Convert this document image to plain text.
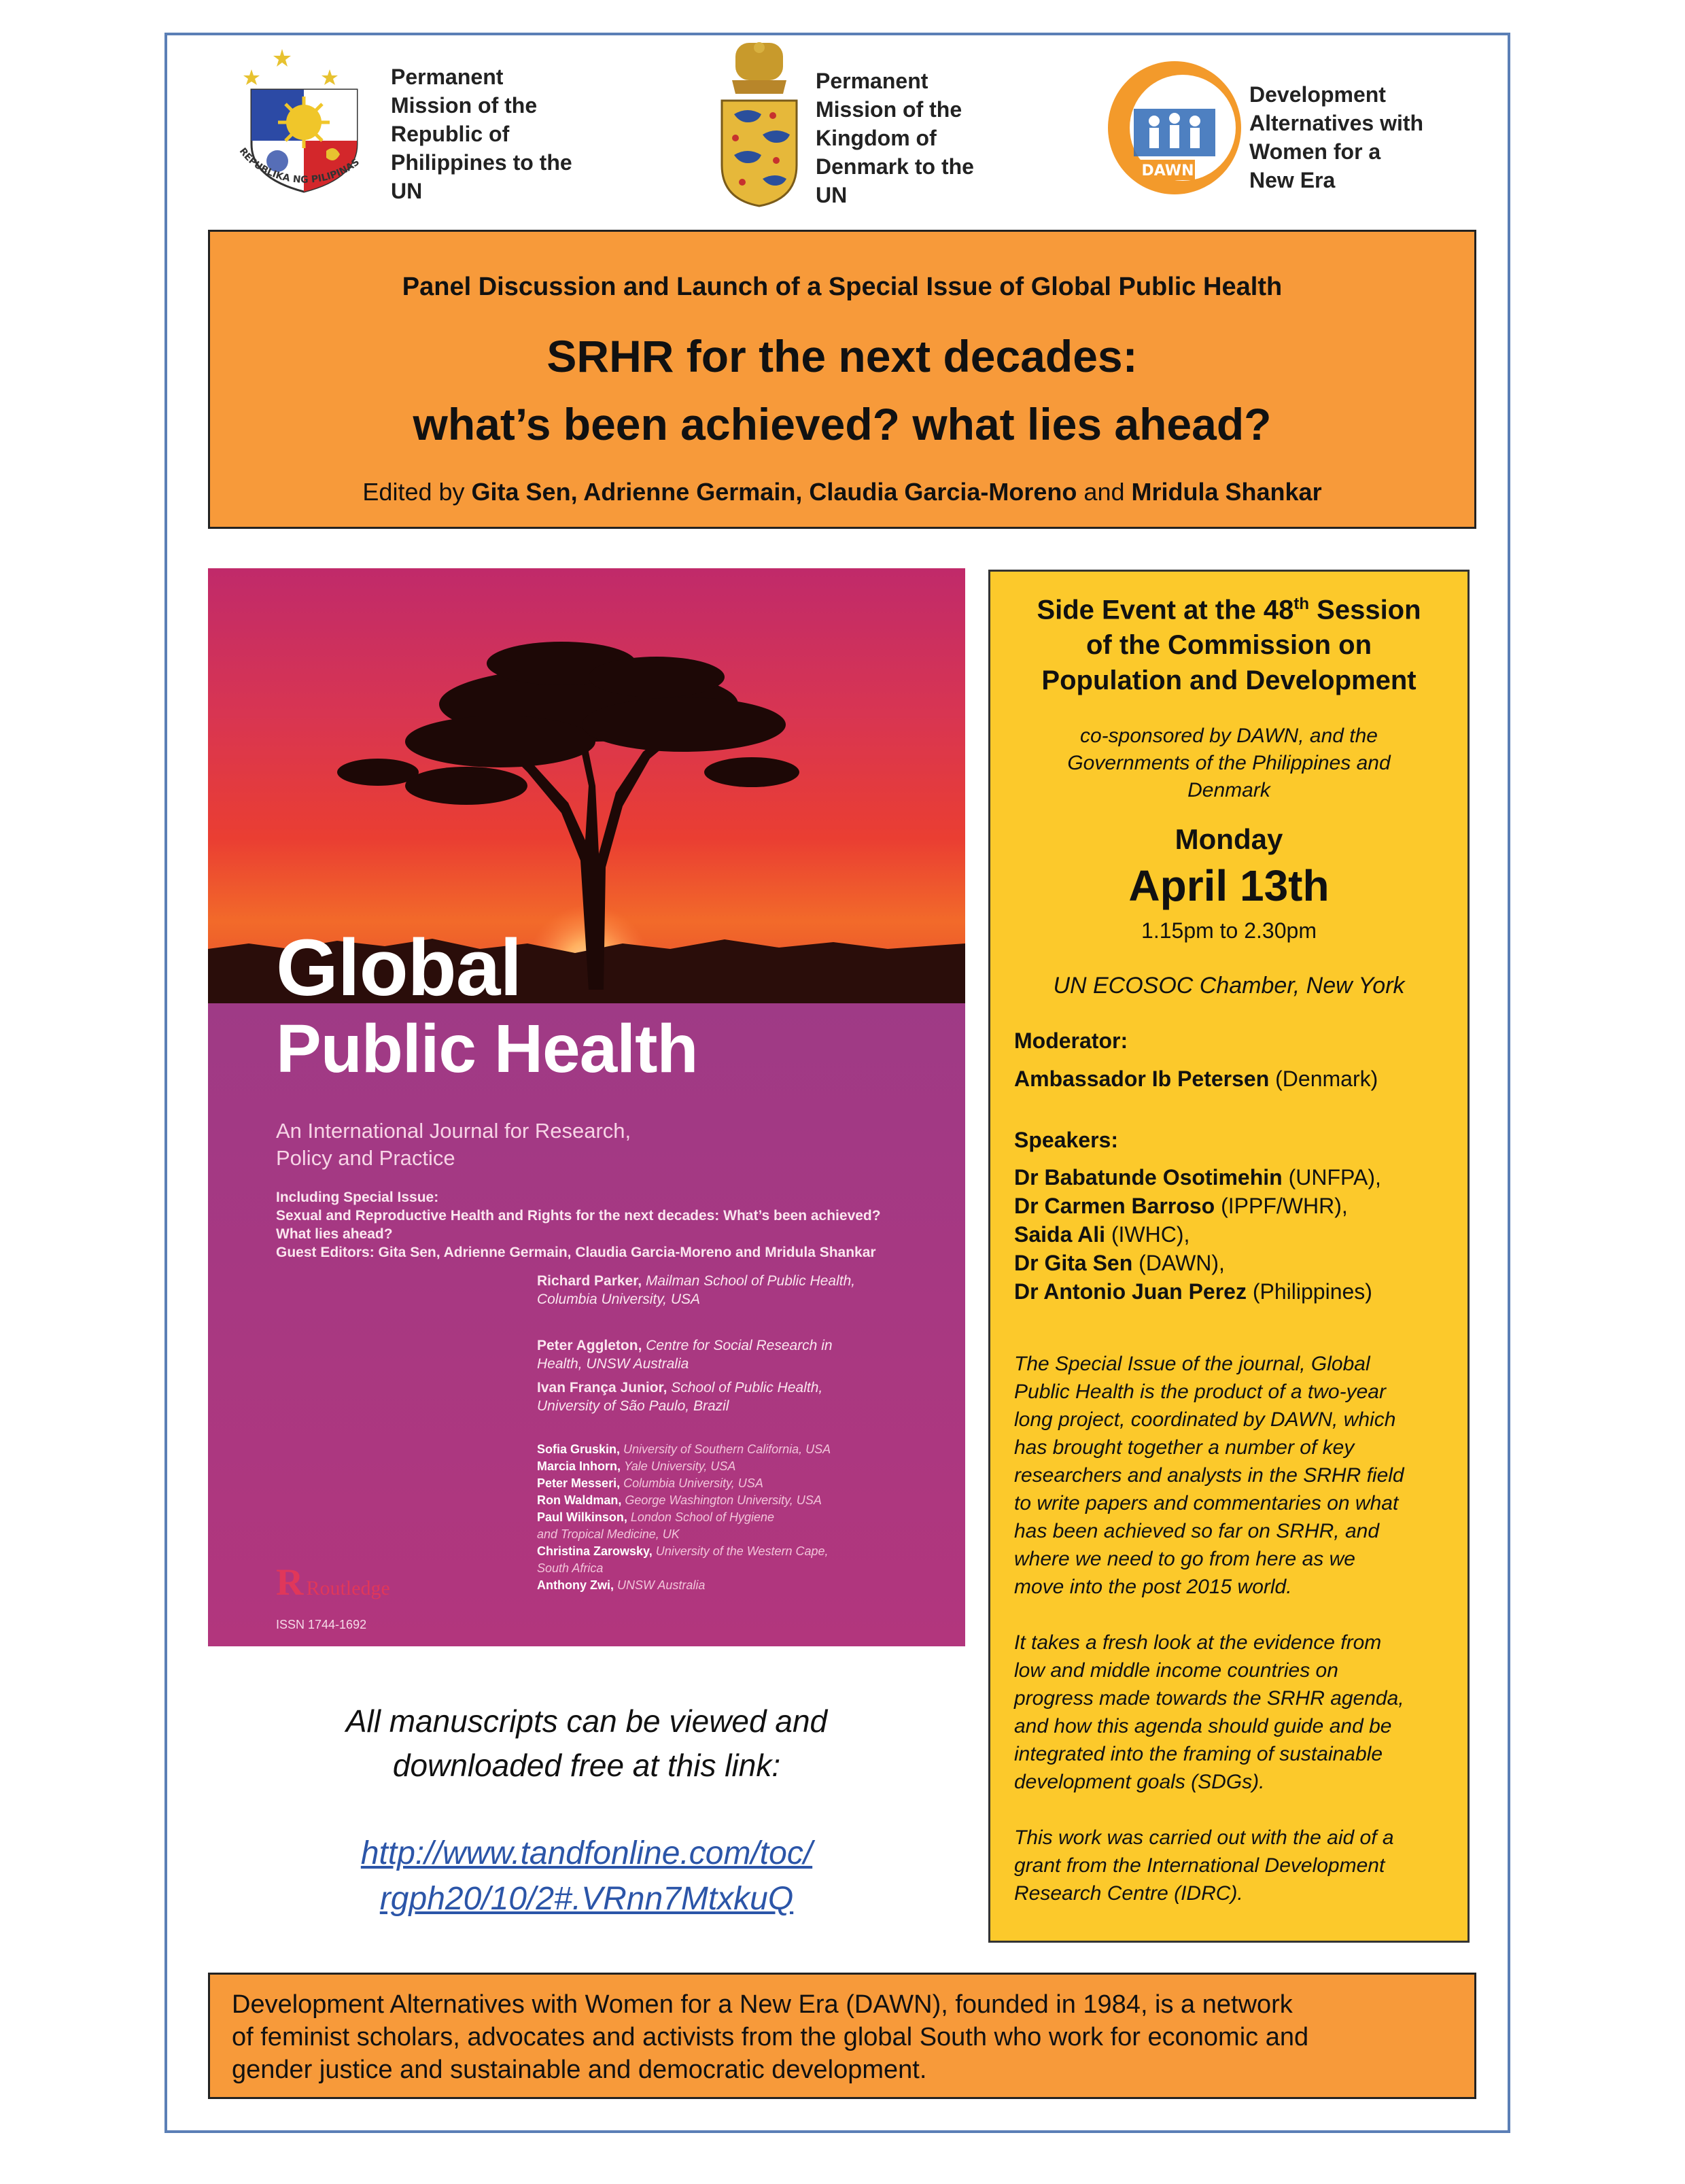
REPUBLIKA NG PILIPINAS
Permanent
Mission of the
Republic of
Philippines to the
UN
Permanent
Mission of the
Kingdom of
Denmark to the
UN
DAWN
Development
Alternatives with
Women for a
New Era
Panel Discussion and Launch of a Special Issue of Global Public Health
SRHR for the next decades:
what’s been achieved? what lies ahead?
Edited by Gita Sen, Adrienne Germain, Claudia Garcia-Moreno and Mridula Shankar
Global
Public Health
An International Journal for Research,
Policy and Practice
Including Special Issue:
Sexual and Reproductive Health and Rights for the next decades: What’s been achieved?
What lies ahead?
Guest Editors: Gita Sen, Adrienne Germain, Claudia Garcia-Moreno and Mridula Shankar
Richard Parker, Mailman School of Public Health,
Columbia University, USA
Peter Aggleton, Centre for Social Research in
Health, UNSW Australia
Ivan França Junior, School of Public Health,
University of São Paulo, Brazil
Sofia Gruskin, University of Southern California, USA
Marcia Inhorn, Yale University, USA
Peter Messeri, Columbia University, USA
Ron Waldman, George Washington University, USA
Paul Wilkinson, London School of Hygiene
and Tropical Medicine, UK
Christina Zarowsky, University of the Western Cape,
South Africa
Anthony Zwi, UNSW Australia
R Routledge
ISSN 1744-1692
All manuscripts can be viewed and
downloaded free at this link:
http://www.tandfonline.com/toc/
rgph20/10/2#.VRnn7MtxkuQ
Side Event at the 48th Session
of the Commission on
Population and Development
co-sponsored by DAWN, and the
Governments of the Philippines and
Denmark
Monday
April 13th
1.15pm to 2.30pm
UN ECOSOC Chamber, New York
Moderator:
Ambassador Ib Petersen (Denmark)
Speakers:
Dr Babatunde Osotimehin (UNFPA),
Dr Carmen Barroso (IPPF/WHR),
Saida Ali (IWHC),
Dr Gita Sen (DAWN),
Dr Antonio Juan Perez (Philippines)
The Special Issue of the journal, Global
Public Health is the product of a two-year
long project, coordinated by DAWN, which
has brought together a number of key
researchers and analysts in the SRHR field
to write papers and commentaries on what
has been achieved so far on SRHR, and
where we need to go from here as we
move into the post 2015 world.
It takes a fresh look at the evidence from
low and middle income countries on
progress made towards the SRHR agenda,
and how this agenda should guide and be
integrated into the framing of sustainable
development goals (SDGs).
This work was carried out with the aid of a
grant from the International Development
Research Centre (IDRC).
Development Alternatives with Women for a New Era (DAWN), founded in 1984, is a network
of feminist scholars, advocates and activists from the global South who work for economic and
gender justice and sustainable and democratic development.
